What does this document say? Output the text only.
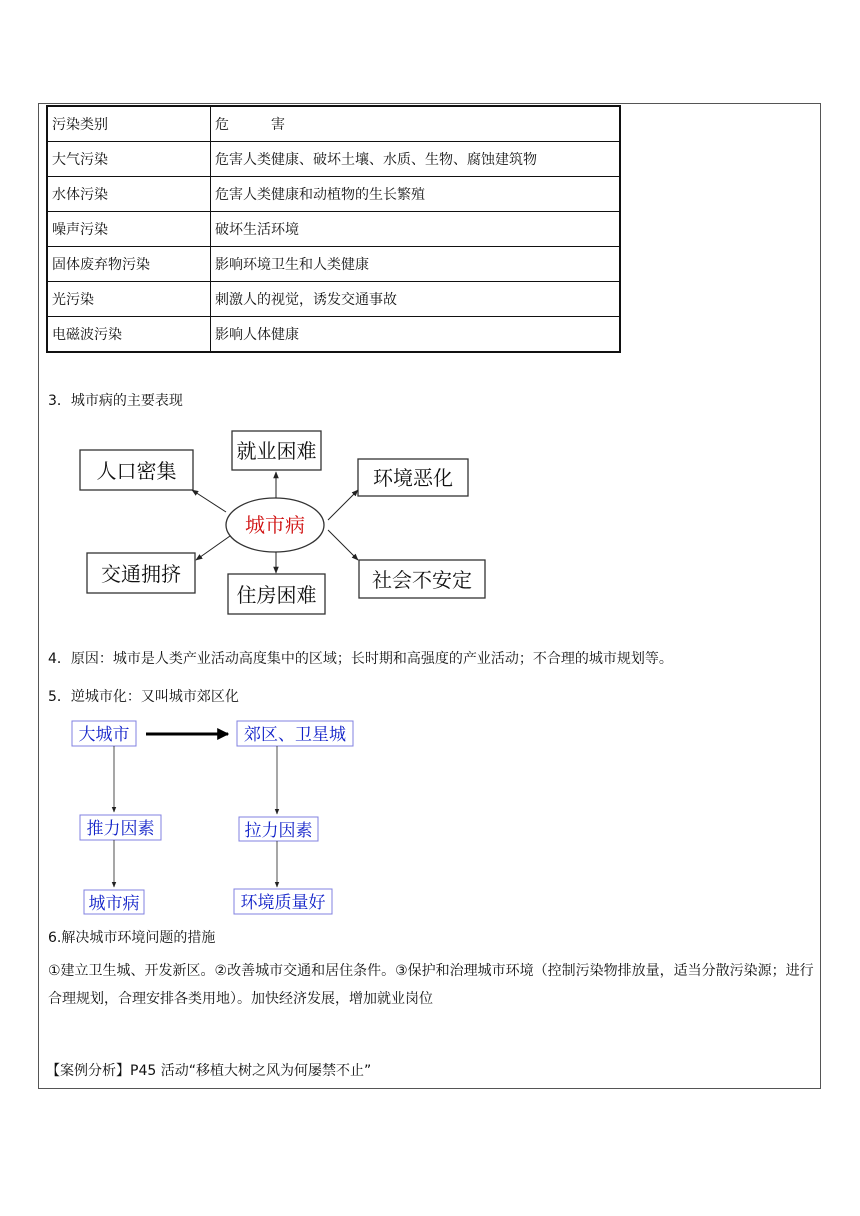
污染类别	危　　　害
大气污染	危害人类健康、破坏土壤、水质、生物、腐蚀建筑物
水体污染	危害人类健康和动植物的生长繁殖
噪声污染	破坏生活环境
固体废弃物污染	影响环境卫生和人类健康
光污染	刺激人的视觉，诱发交通事故
电磁波污染	影响人体健康
3．城市病的主要表现
就业困难
人口密集	环境恶化
城市病
交通拥挤
住房困难
社会不安定
大城市	郊区、卫星城
推力因素	拉力因素
城市病	环境质量好
4．原因：城市是人类产业活动高度集中的区域；长时期和高强度的产业活动；不合理的城市规划等。
5．逆城市化：又叫城市郊区化
6.解决城市环境问题的措施
①建立卫生城、开发新区。②改善城市交通和居住条件。③保护和治理城市环境（控制污染物排放量，适当分散污染源；进行合理规划，合理安排各类用地）。加快经济发展，增加就业岗位
【案例分析】P45 活动“移植大树之风为何屡禁不止”
